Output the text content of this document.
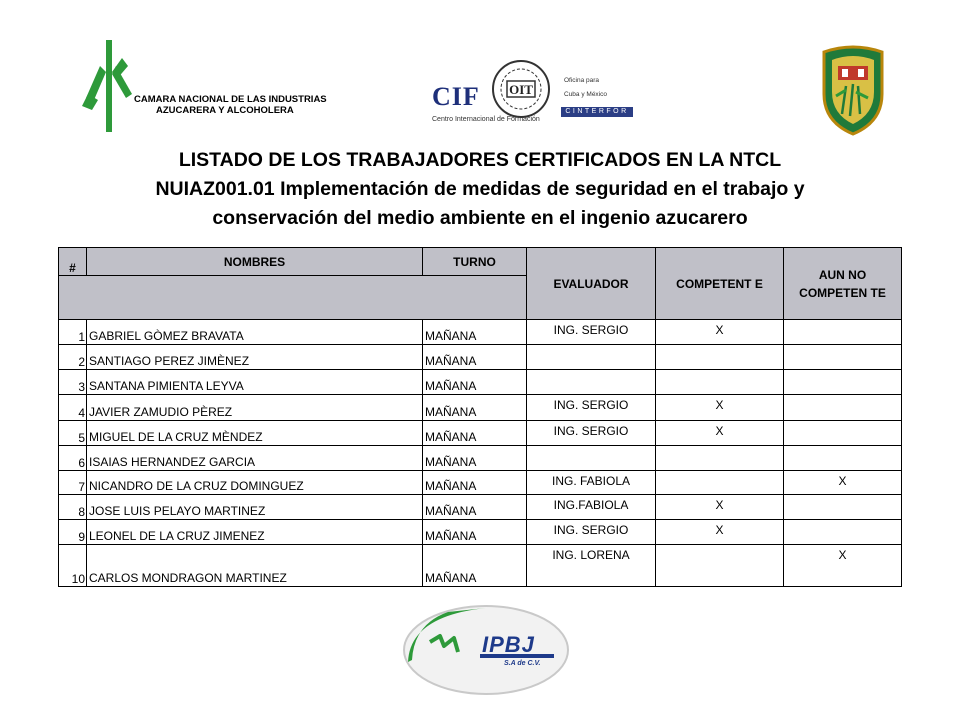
CAMARA NACIONAL DE LAS INDUSTRIAS
AZUCARERA Y ALCOHOLERA	CIF OIT
Oficina para
Cuba y México
CINTERFOR
Centro Internacional de Formación
LISTADO DE LOS TRABAJADORES CERTIFICADOS EN LA NTCL
NUIAZ001.01 Implementación de medidas de seguridad en el trabajo y
conservación del medio ambiente en el ingenio azucarero
#	NOMBRES	TURNO	EVALUADOR	COMPETENT E	AUN NO COMPETEN TE

1	GABRIEL GÒMEZ BRAVATA	MAÑANA	ING. SERGIO	X	
2	SANTIAGO PEREZ JIMÈNEZ	MAÑANA			
3	SANTANA PIMIENTA LEYVA	MAÑANA			
4	JAVIER ZAMUDIO PÈREZ	MAÑANA	ING. SERGIO	X	
5	MIGUEL DE LA CRUZ MÈNDEZ	MAÑANA	ING. SERGIO	X	
6	ISAIAS HERNANDEZ GARCIA	MAÑANA			
7	NICANDRO DE LA CRUZ DOMINGUEZ	MAÑANA	ING. FABIOLA		X
8	JOSE LUIS PELAYO MARTINEZ	MAÑANA	ING.FABIOLA	X	
9	LEONEL DE LA CRUZ JIMENEZ	MAÑANA	ING. SERGIO	X	
10	CARLOS MONDRAGON MARTINEZ	MAÑANA	ING. LORENA		X
IPBJ
S.A de C.V.
